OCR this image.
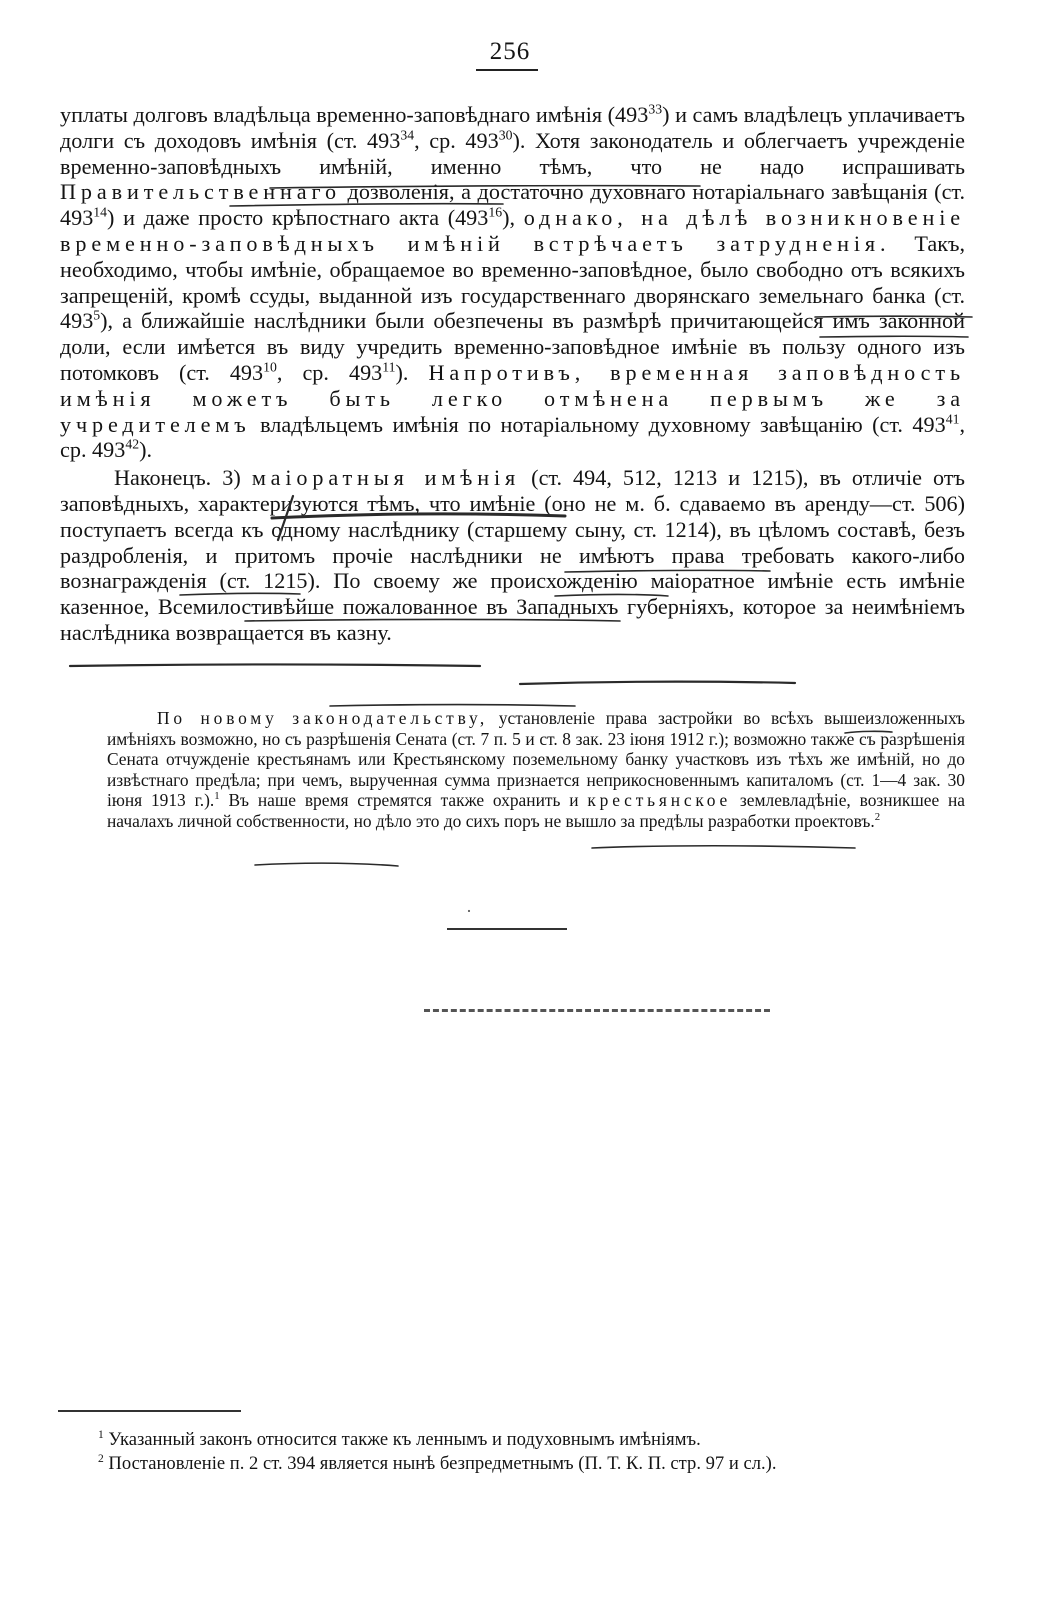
256

уплаты долговъ владѣльца временно-заповѣднаго имѣнія $(493^{33})$ и самъ владѣлецъ уплачиваетъ долги съ доходовъ имѣнія (ст. $493^{34}$, ср. $493^{30}$). Хотя законодатель и облегчаетъ учрежденіе временно-заповѣдныхъ имѣній, именно тѣмъ, что не надо испрашивать Правительственнаго дозволенія, а достаточно духовнаго нотаріальнаго завѣщанія (ст. $493^{14}$) и даже просто крѣпостнаго акта $(493^{16})$, однако, на дѣлѣ возникновеніе временно-заповѣдныхъ имѣній встрѣчаетъ затрудненія. Такъ, необходимо, чтобы имѣніе, обращаемое во временно-заповѣдное, было свободно отъ всякихъ запрещеній, кромѣ ссуды, выданной изъ государственнаго дворянскаго земельнаго банка (ст. $493^5$), а ближайшіе наслѣдники были обезпечены въ размѣрѣ причитающейся имъ законной доли, если имѣется въ виду учредить временно-заповѣдное имѣніе въ пользу одного изъ потомковъ (ст. $493^{10}$, ср. $493^{11}$). Напротивъ, временная заповѣдность имѣнія можетъ быть легко отмѣнена первымъ же за учредителемъ владѣльцемъ имѣнія по нотаріальному духовному завѣщанію (ст. $493^{41}$, ср. $493^{42}$).

Наконецъ. 3) маіоратныя имѣнія (ст. 494, 512, 1213 и 1215), въ отличіе отъ заповѣдныхъ, характеризуются тѣмъ, что имѣніе (оно не м. б. сдаваемо въ аренду—ст. 506) поступаетъ всегда къ одному наслѣднику (старшему сыну, ст. 1214), въ цѣломъ составѣ, безъ раздробленія, и притомъ прочіе наслѣдники не имѣютъ права требовать какого-либо вознагражденія (ст. 1215). По своему же происхожденію маіоратное имѣніе есть имѣніе казенное, Всемилостивѣйше пожалованное въ Западныхъ губерніяхъ, которое за неимѣніемъ наслѣдника возвращается въ казну.

По новому законодательству, установленіе права застройки во всѣхъ вышеизложенныхъ имѣніяхъ возможно, но съ разрѣшенія Сената (ст. 7 п. 5 и ст. 8 зак. 23 іюня 1912 г.); возможно также съ разрѣшенія Сената отчужденіе крестьянамъ или Крестьянскому поземельному банку участковъ изъ тѣхъ же имѣній, но до извѣстнаго предѣла; при чемъ, вырученная сумма признается неприкосновеннымъ капиталомъ (ст. 1—4 зак. 30 іюня 1913 г.).$^1$ Въ наше время стремятся также охранить и крестьянское землевладѣніе, возникшее на началахъ личной собственности, но дѣло это до сихъ поръ не вышло за предѣлы разработки проектовъ.$^2$

·

$^1$ Указанный законъ относится также къ леннымъ и подуховнымъ имѣніямъ.

$^2$ Постановленіе п. 2 ст. 394 является нынѣ безпредметнымъ (П. Т. К. П. стр. 97 и сл.).
